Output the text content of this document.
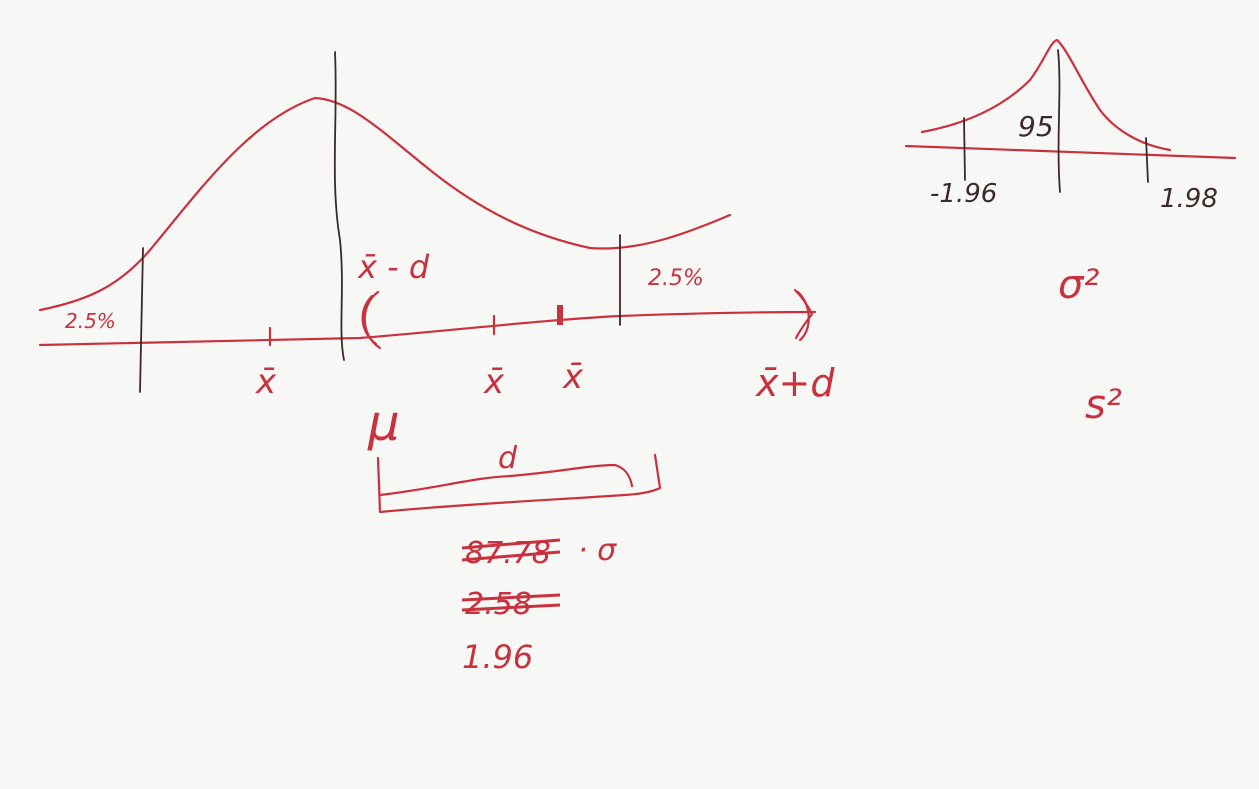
2.5%
2.5%
x̄ - d
x̄+d
x̄	x̄ x̄
μ
d
87.78 · σ
2.58
1.96
95
-1.96	1.98
σ²
s²
